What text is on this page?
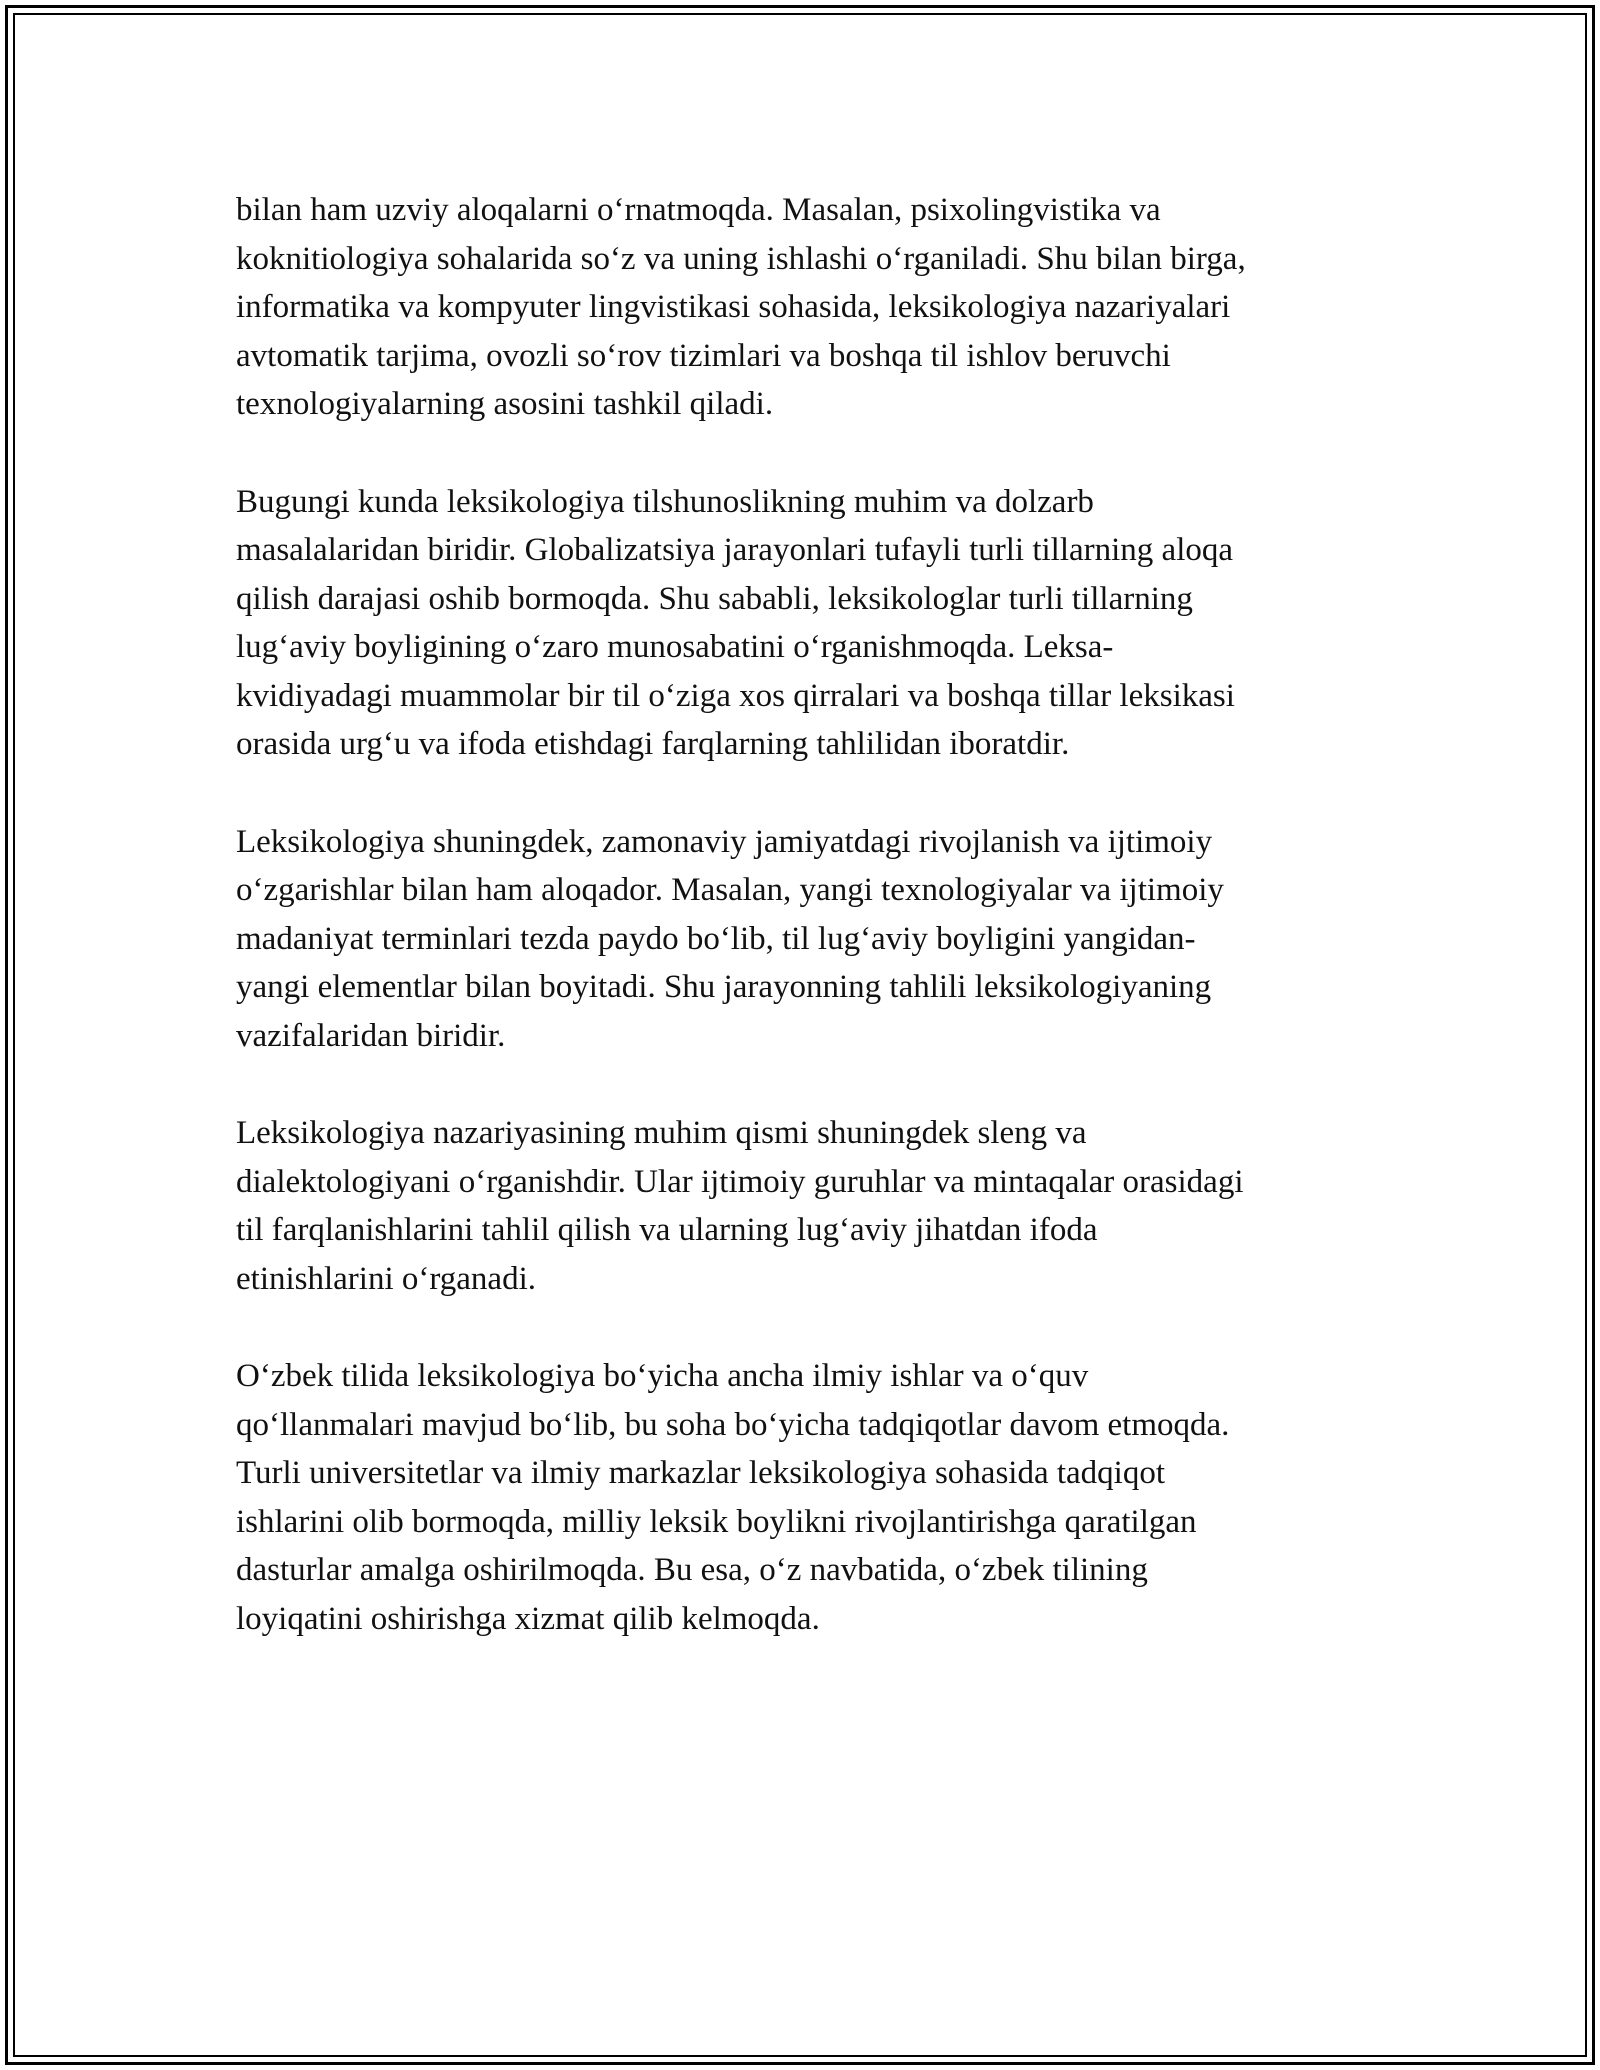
bilan ham uzviy aloqalarni o‘rnatmoqda. Masalan, psixolingvistika va
koknitiologiya sohalarida so‘z va uning ishlashi o‘rganiladi. Shu bilan birga,
informatika va kompyuter lingvistikasi sohasida, leksikologiya nazariyalari
avtomatik tarjima, ovozli so‘rov tizimlari va boshqa til ishlov beruvchi
texnologiyalarning asosini tashkil qiladi.

Bugungi kunda leksikologiya tilshunoslikning muhim va dolzarb
masalalaridan biridir. Globalizatsiya jarayonlari tufayli turli tillarning aloqa
qilish darajasi oshib bormoqda. Shu sababli, leksikologlar turli tillarning
lug‘aviy boyligining o‘zaro munosabatini o‘rganishmoqda. Leksa-
kvidiyadagi muammolar bir til o‘ziga xos qirralari va boshqa tillar leksikasi
orasida urg‘u va ifoda etishdagi farqlarning tahlilidan iboratdir.

Leksikologiya shuningdek, zamonaviy jamiyatdagi rivojlanish va ijtimoiy
o‘zgarishlar bilan ham aloqador. Masalan, yangi texnologiyalar va ijtimoiy
madaniyat terminlari tezda paydo bo‘lib, til lug‘aviy boyligini yangidan-
yangi elementlar bilan boyitadi. Shu jarayonning tahlili leksikologiyaning
vazifalaridan biridir.

Leksikologiya nazariyasining muhim qismi shuningdek sleng va
dialektologiyani o‘rganishdir. Ular ijtimoiy guruhlar va mintaqalar orasidagi
til farqlanishlarini tahlil qilish va ularning lug‘aviy jihatdan ifoda
etinishlarini o‘rganadi.

O‘zbek tilida leksikologiya bo‘yicha ancha ilmiy ishlar va o‘quv
qo‘llanmalari mavjud bo‘lib, bu soha bo‘yicha tadqiqotlar davom etmoqda.
Turli universitetlar va ilmiy markazlar leksikologiya sohasida tadqiqot
ishlarini olib bormoqda, milliy leksik boylikni rivojlantirishga qaratilgan
dasturlar amalga oshirilmoqda. Bu esa, o‘z navbatida, o‘zbek tilining
loyiqatini oshirishga xizmat qilib kelmoqda.
